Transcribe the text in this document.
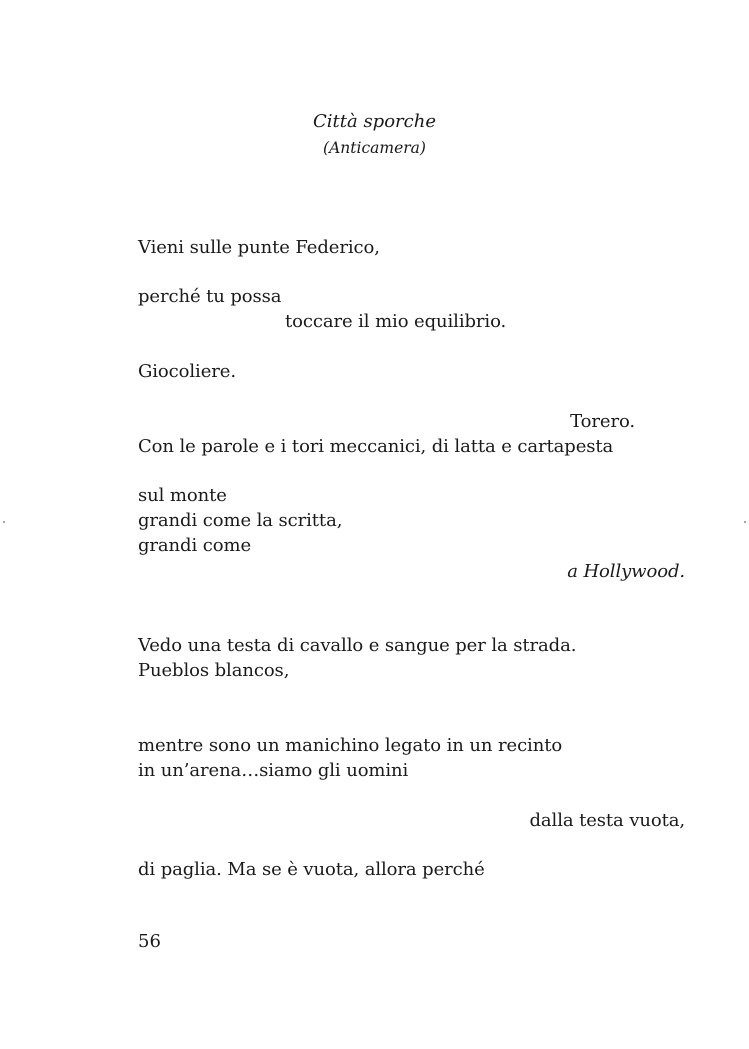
Città sporche
(Anticamera)
Vieni sulle punte Federico,
perché tu possa
toccare il mio equilibrio.
Giocoliere.
Torero.
Con le parole e i tori meccanici, di latta e cartapesta
sul monte
grandi come la scritta,
grandi come
a Hollywood.
Vedo una testa di cavallo e sangue per la strada.
Pueblos blancos,
mentre sono un manichino legato in un recinto
in un’arena…siamo gli uomini
dalla testa vuota,
di paglia. Ma se è vuota, allora perché
56
